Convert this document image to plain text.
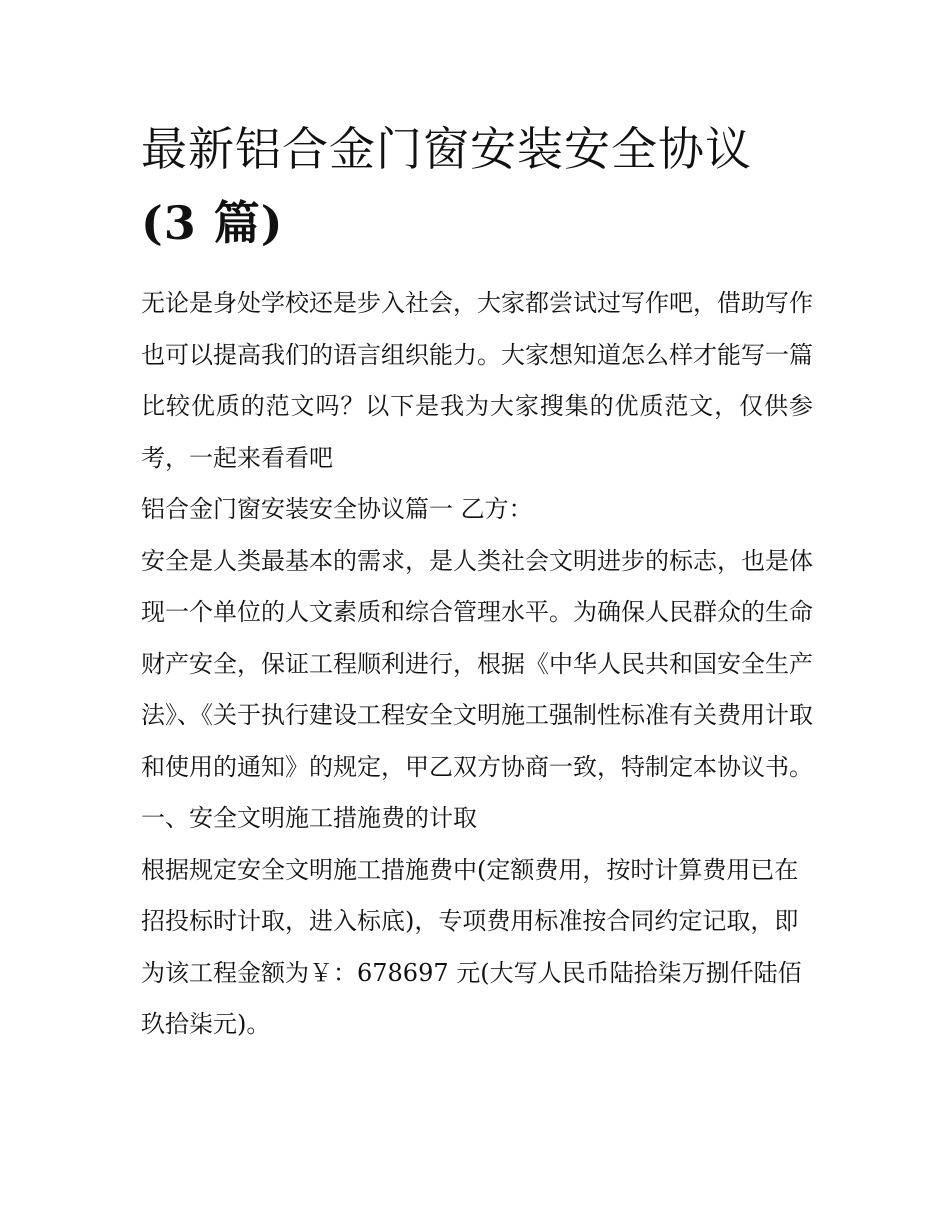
最新铝合金门窗安装安全协议
(3 篇)

无论是身处学校还是步入社会，大家都尝试过写作吧，借助写作也可以提高我们的语言组织能力。大家想知道怎么样才能写一篇比较优质的范文吗？以下是我为大家搜集的优质范文，仅供参考，一起来看看吧

铝合金门窗安装安全协议篇一 乙方：

安全是人类最基本的需求，是人类社会文明进步的标志，也是体现一个单位的人文素质和综合管理水平。为确保人民群众的生命财产安全，保证工程顺利进行，根据《中华人民共和国安全生产法》、《关于执行建设工程安全文明施工强制性标准有关费用计取和使用的通知》的规定，甲乙双方协商一致，特制定本协议书。

一、安全文明施工措施费的计取

根据规定安全文明施工措施费中(定额费用，按时计算费用已在招投标时计取，进入标底)，专项费用标准按合同约定记取，即为该工程金额为￥：678697 元(大写人民币陆拾柒万捌仟陆佰玖拾柒元)。
